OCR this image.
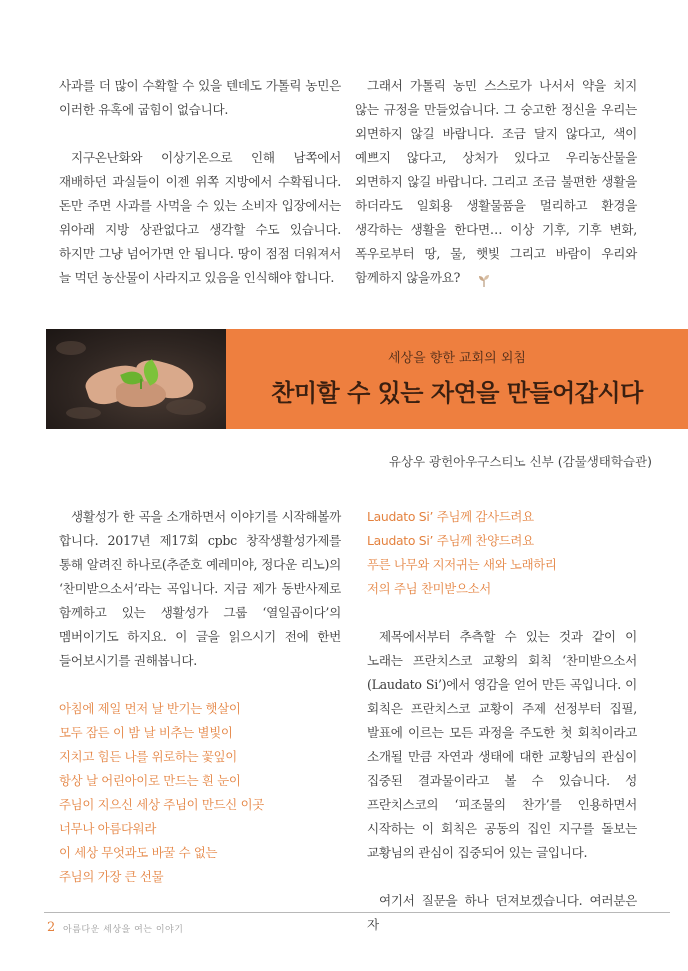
사과를 더 많이 수확할 수 있을 텐데도 가톨릭 농민은 이러한 유혹에 굽힘이 없습니다.

지구온난화와 이상기온으로 인해 남쪽에서 재배하던 과실들이 이젠 위쪽 지방에서 수확됩니다. 돈만 주면 사과를 사먹을 수 있는 소비자 입장에서는 위아래 지방 상관없다고 생각할 수도 있습니다. 하지만 그냥 넘어가면 안 됩니다. 땅이 점점 더워져서 늘 먹던 농산물이 사라지고 있음을 인식해야 합니다.

그래서 가톨릭 농민 스스로가 나서서 약을 치지 않는 규정을 만들었습니다. 그 숭고한 정신을 우리는 외면하지 않길 바랍니다. 조금 달지 않다고, 색이 예쁘지 않다고, 상처가 있다고 우리농산물을 외면하지 않길 바랍니다. 그리고 조금 불편한 생활을 하더라도 일회용 생활물품을 멀리하고 환경을 생각하는 생활을 한다면… 이상 기후, 기후 변화, 폭우로부터 땅, 물, 햇빛 그리고 바람이 우리와 함께하지 않을까요?

세상을 향한 교회의 외침
찬미할 수 있는 자연을 만들어갑시다
유상우 광헌아우구스티노 신부 (감물생태학습관)

생활성가 한 곡을 소개하면서 이야기를 시작해볼까 합니다. 2017년 제17회 cpbc 창작생활성가제를 통해 알려진 하나로(추준호 예레미야, 정다운 리노)의 ‘찬미받으소서’라는 곡입니다. 지금 제가 동반사제로 함께하고 있는 생활성가 그룹 ‘열일곱이다’의 멤버이기도 하지요. 이 글을 읽으시기 전에 한번 들어보시기를 권해봅니다.

아침에 제일 먼저 날 반기는 햇살이
모두 잠든 이 밤 날 비추는 별빛이
지치고 힘든 나를 위로하는 꽃잎이
항상 날 어린아이로 만드는 흰 눈이
주님이 지으신 세상 주님이 만드신 이곳
너무나 아름다워라
이 세상 무엇과도 바꿀 수 없는
주님의 가장 큰 선물
Laudato Si’ 주님께 감사드려요
Laudato Si’ 주님께 찬양드려요
푸른 나무와 지저귀는 새와 노래하리
저의 주님 찬미받으소서

제목에서부터 추측할 수 있는 것과 같이 이 노래는 프란치스코 교황의 회칙 ‘찬미받으소서(Laudato Si’)에서 영감을 얻어 만든 곡입니다. 이 회칙은 프란치스코 교황이 주제 선정부터 집필, 발표에 이르는 모든 과정을 주도한 첫 회칙이라고 소개될 만큼 자연과 생태에 대한 교황님의 관심이 집중된 결과물이라고 볼 수 있습니다. 성 프란치스코의 ‘피조물의 찬가’를 인용하면서 시작하는 이 회칙은 공동의 집인 지구를 돌보는 교황님의 관심이 집중되어 있는 글입니다.

여기서 질문을 하나 던져보겠습니다. 여러분은 자

2 아름다운 세상을 여는 이야기
